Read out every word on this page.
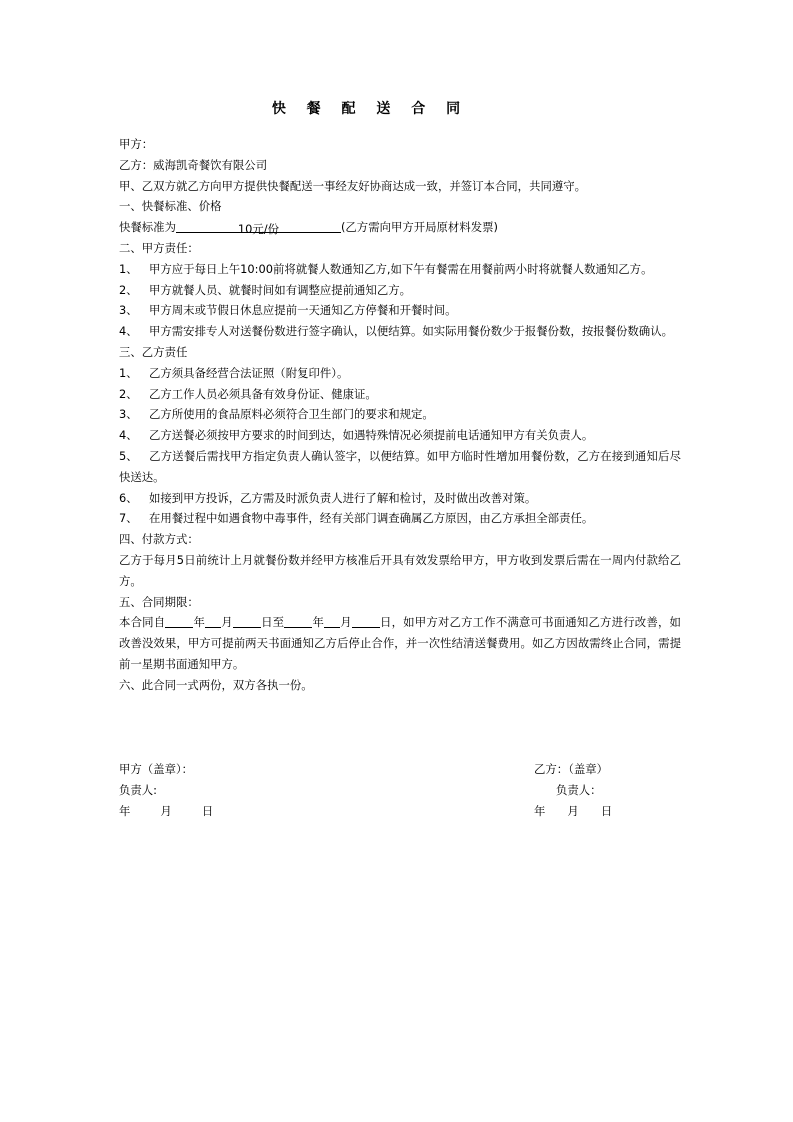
快 餐 配 送 合 同
甲方：
乙方：威海凯奇餐饮有限公司
甲、乙双方就乙方向甲方提供快餐配送一事经友好协商达成一致，并签订本合同，共同遵守。
一、快餐标准、价格
快餐标准为	10元/份	(乙方需向甲方开局原材料发票)
二、甲方责任：
1、 甲方应于每日上午10:00前将就餐人数通知乙方,如下午有餐需在用餐前两小时将就餐人数通知乙方。
2、 甲方就餐人员、就餐时间如有调整应提前通知乙方。
3、 甲方周末或节假日休息应提前一天通知乙方停餐和开餐时间。
4、 甲方需安排专人对送餐份数进行签字确认，以便结算。如实际用餐份数少于报餐份数，按报餐份数确认。
三、乙方责任
1、 乙方须具备经营合法证照（附复印件）。
2、 乙方工作人员必须具备有效身份证、健康证。
3、 乙方所使用的食品原料必须符合卫生部门的要求和规定。
4、 乙方送餐必须按甲方要求的时间到达，如遇特殊情况必须提前电话通知甲方有关负责人。
5、 乙方送餐后需找甲方指定负责人确认签字，以便结算。如甲方临时性增加用餐份数，乙方在接到通知后尽快送达。
6、 如接到甲方投诉，乙方需及时派负责人进行了解和检讨，及时做出改善对策。
7、 在用餐过程中如遇食物中毒事件，经有关部门调查确属乙方原因，由乙方承担全部责任。
四、付款方式：
乙方于每月5日前统计上月就餐份数并经甲方核准后开具有效发票给甲方，甲方收到发票后需在一周内付款给乙方。
五、合同期限：
本合同自 年 月 日至 年 月 日，如甲方对乙方工作不满意可书面通知乙方进行改善，如改善没效果，甲方可提前两天书面通知乙方后停止合作，并一次性结清送餐费用。如乙方因故需终止合同，需提前一星期书面通知甲方。
六、此合同一式两份，双方各执一份。
甲方（盖章）：
负责人:
年	月	日
乙方：（盖章）
负责人：
年 月 日
